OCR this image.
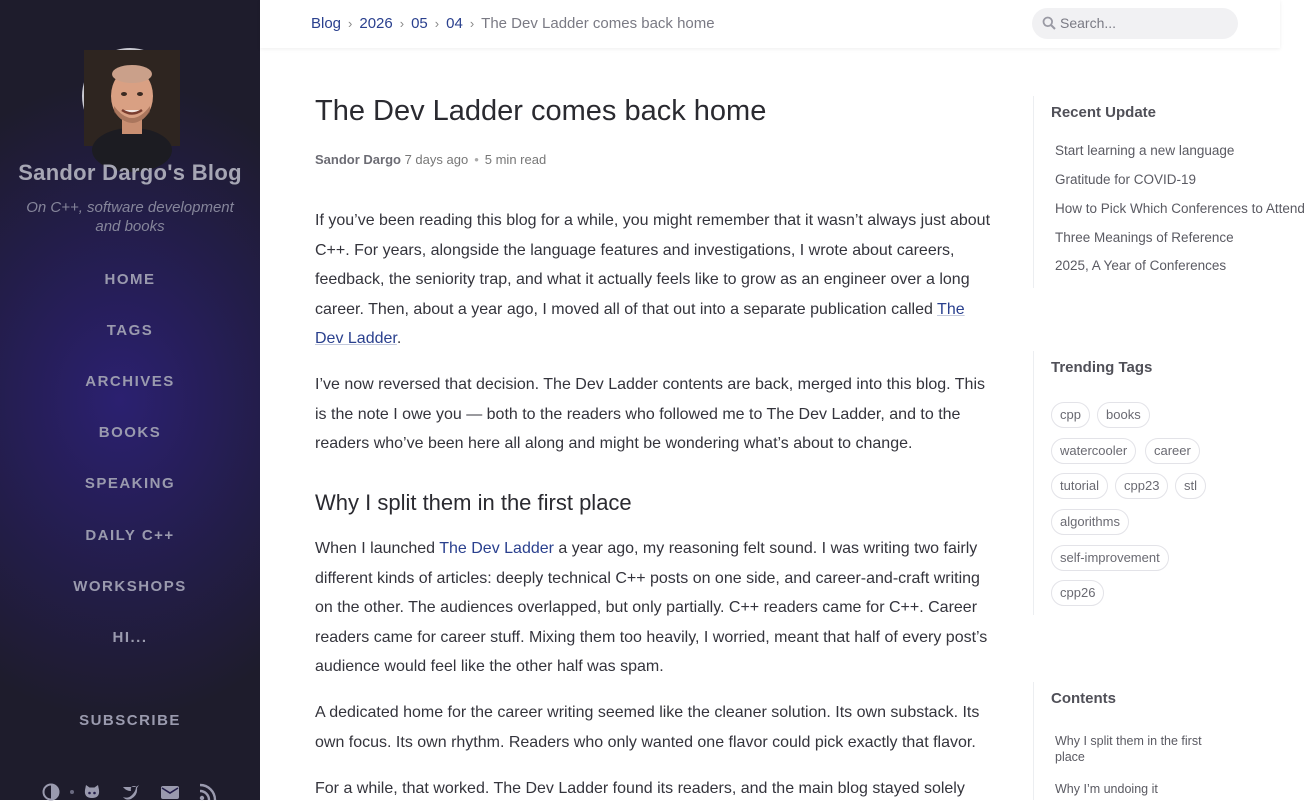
Sandor Dargo's Blog
On C++, software development and books
HOME
TAGS
ARCHIVES
BOOKS
SPEAKING
DAILY C++
WORKSHOPS
HI...
SUBSCRIBE
Blog › 2026 › 05 › 04 › The Dev Ladder comes back home
Search...
The Dev Ladder comes back home
Sandor Dargo 7 days ago • 5 min read

If you’ve been reading this blog for a while, you might remember that it wasn’t always just about C++. For years, alongside the language features and investigations, I wrote about careers, feedback, the seniority trap, and what it actually feels like to grow as an engineer over a long career. Then, about a year ago, I moved all of that out into a separate publication called The Dev Ladder.

I’ve now reversed that decision. The Dev Ladder contents are back, merged into this blog. This is the note I owe you — both to the readers who followed me to The Dev Ladder, and to the readers who’ve been here all along and might be wondering what’s about to change.

Why I split them in the first place

When I launched The Dev Ladder a year ago, my reasoning felt sound. I was writing two fairly different kinds of articles: deeply technical C++ posts on one side, and career-and-craft writing on the other. The audiences overlapped, but only partially. C++ readers came for C++. Career readers came for career stuff. Mixing them too heavily, I worried, meant that half of every post’s audience would feel like the other half was spam.

A dedicated home for the career writing seemed like the cleaner solution. Its own substack. Its own focus. Its own rhythm. Readers who only wanted one flavor could pick exactly that flavor.

For a while, that worked. The Dev Ladder found its readers, and the main blog stayed solely

Recent Update
Start learning a new language
Gratitude for COVID-19
How to Pick Which Conferences to Attend
Three Meanings of Reference
2025, A Year of Conferences
Trending Tags
cpp	books
watercooler	career
tutorial	cpp23	stl
algorithms
self-improvement
cpp26
Contents
Why I split them in the first place
Why I’m undoing it
